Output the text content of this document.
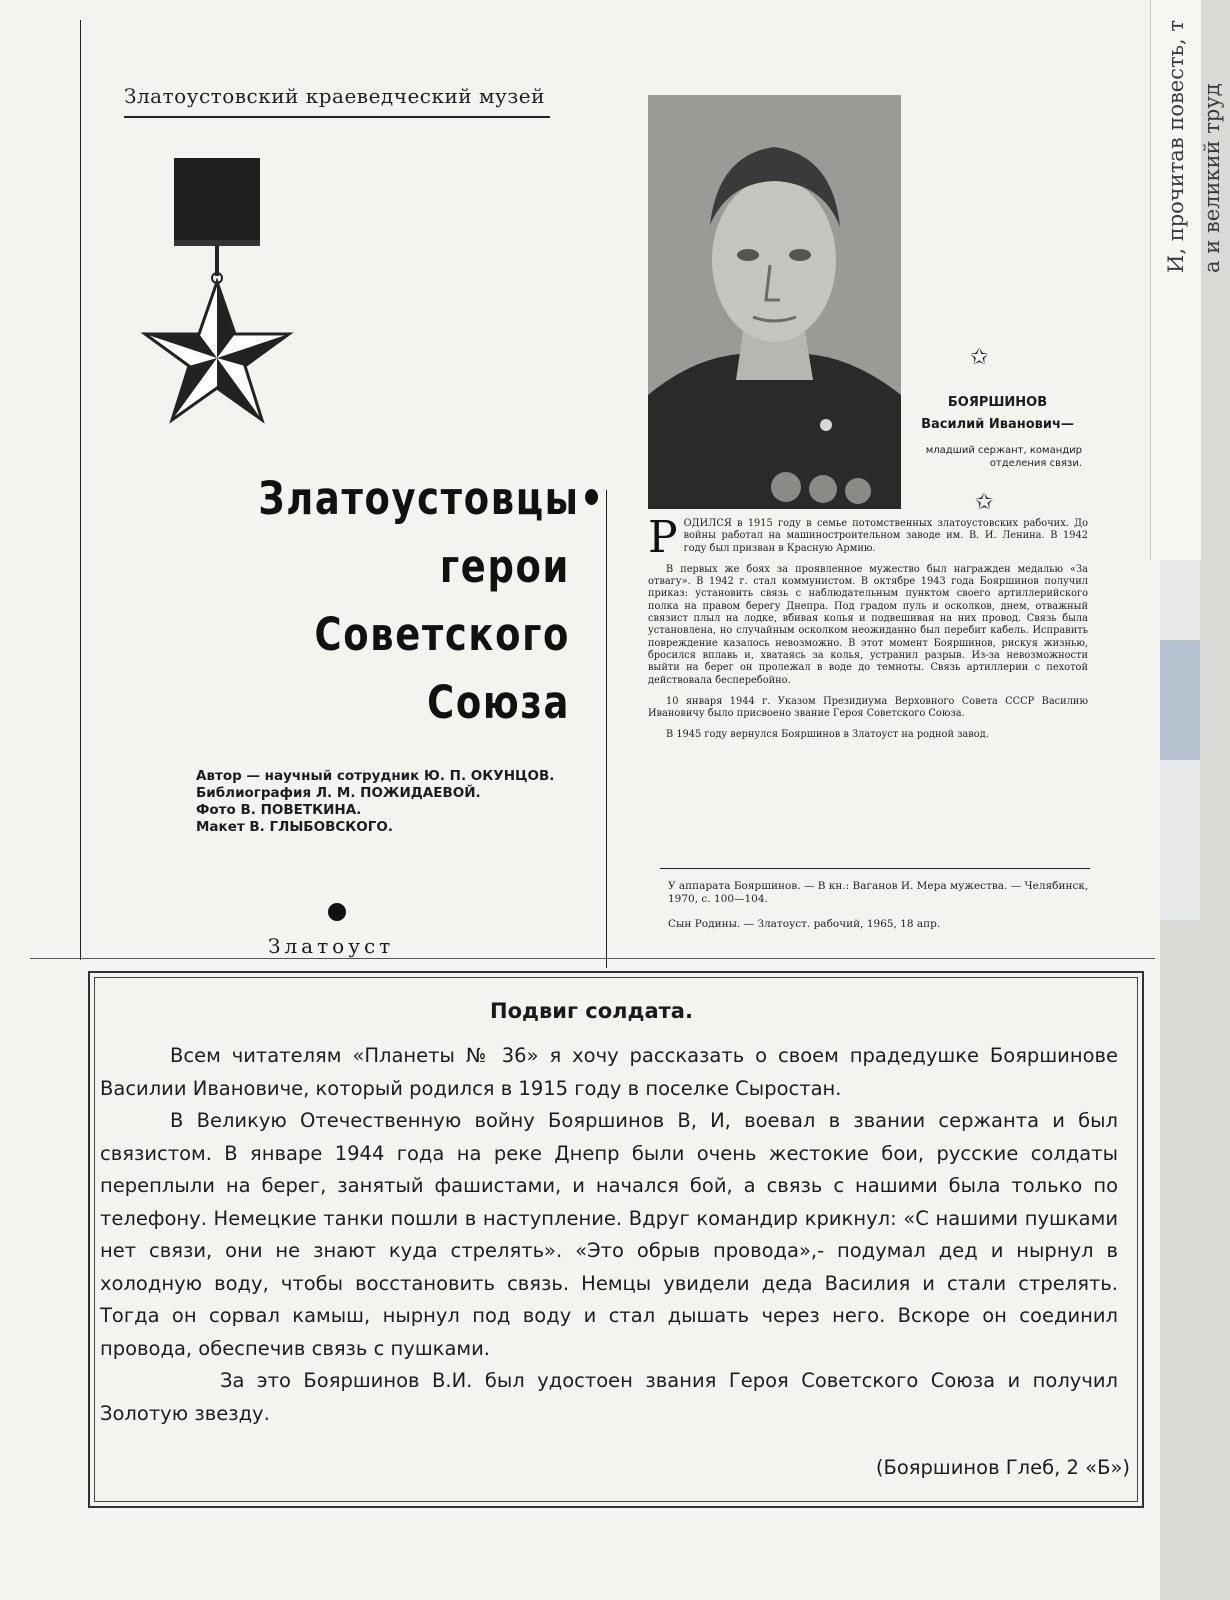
И, прочитав повесть, т а и великий труд
Златоустовский краеведческий музей
Златоустовцы•
герои
Советского
Союза
Автор — научный сотрудник Ю. П. ОКУНЦОВ.
Библиография Л. М. ПОЖИДАЕВОЙ.
Фото В. ПОВЕТКИНА.
Макет В. ГЛЫБОВСКОГО.
Златоуст
✩
БОЯРШИНОВ
Василий Иванович—
младший сержант, командир отделения связи.
✩

РОДИЛСЯ в 1915 году в семье потомственных златоустовских рабочих. До войны работал на машиностроительном заводе им. В. И. Ленина. В 1942 году был призван в Красную Армию.

В первых же боях за проявленное мужество был награжден медалью «За отвагу». В 1942 г. стал коммунистом. В октябре 1943 года Бояршинов получил приказ: установить связь с наблюдательным пунктом своего артиллерийского полка на правом берегу Днепра. Под градом пуль и осколков, днем, отважный связист плыл на лодке, вбивая колья и подвешивая на них провод. Связь была установлена, но случайным осколком неожиданно был перебит кабель. Исправить повреждение казалось невозможно. В этот момент Бояршинов, рискуя жизнью, бросился вплавь и, хватаясь за колья, устранил разрыв. Из-за невозможности выйти на берег он пролежал в воде до темноты. Связь артиллерии с пехотой действовала бесперебойно.

10 января 1944 г. Указом Президиума Верховного Совета СССР Василию Ивановичу было присвоено звание Героя Советского Союза.

В 1945 году вернулся Бояршинов в Златоуст на родной завод.

У аппарата Бояршинов. — В кн.: Ваганов И. Мера мужества. — Челябинск, 1970, с. 100—104.

Сын Родины. — Златоуст. рабочий, 1965, 18 апр.

Подвиг солдата.

Всем читателям «Планеты № 36» я хочу рассказать о своем прадедушке Бояршинове Василии Ивановиче, который родился в 1915 году в поселке Сыростан.

В Великую Отечественную войну Бояршинов В, И, воевал в звании сержанта и был связистом. В январе 1944 года на реке Днепр были очень жестокие бои, русские солдаты переплыли на берег, занятый фашистами, и начался бой, а связь с нашими была только по телефону. Немецкие танки пошли в наступление. Вдруг командир крикнул: «С нашими пушками нет связи, они не знают куда стрелять». «Это обрыв провода»,- подумал дед и нырнул в холодную воду, чтобы восстановить связь. Немцы увидели деда Василия и стали стрелять. Тогда он сорвал камыш, нырнул под воду и стал дышать через него. Вскоре он соединил провода, обеспечив связь с пушками.

За это Бояршинов В.И. был удостоен звания Героя Советского Союза и получил Золотую звезду.

(Бояршинов Глеб, 2 «Б»)
